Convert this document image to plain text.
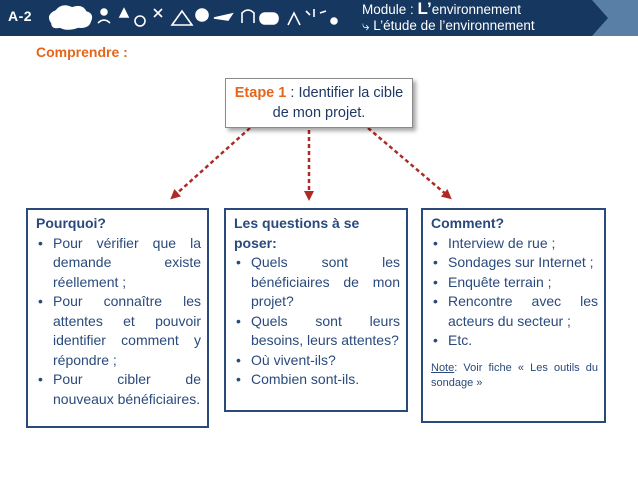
A-2	Module : L’environnement
⤷ L’étude de l’environnement
Comprendre :
Etape 1 : Identifier la cible de mon projet.
Pourquoi?
• Pour vérifier que la demande existe réellement ;
• Pour connaître les attentes et pouvoir identifier comment y répondre ;
• Pour cibler de nouveaux bénéficiaires.
Les questions à se poser:
• Quels sont les bénéficiaires de mon projet?
• Quels sont leurs besoins, leurs attentes?
• Où vivent-ils?
• Combien sont-ils.
Comment?
• Interview de rue ;
• Sondages sur Internet ;
• Enquête terrain ;
• Rencontre avec les acteurs du secteur ;
• Etc.
Note: Voir fiche « Les outils du sondage »
